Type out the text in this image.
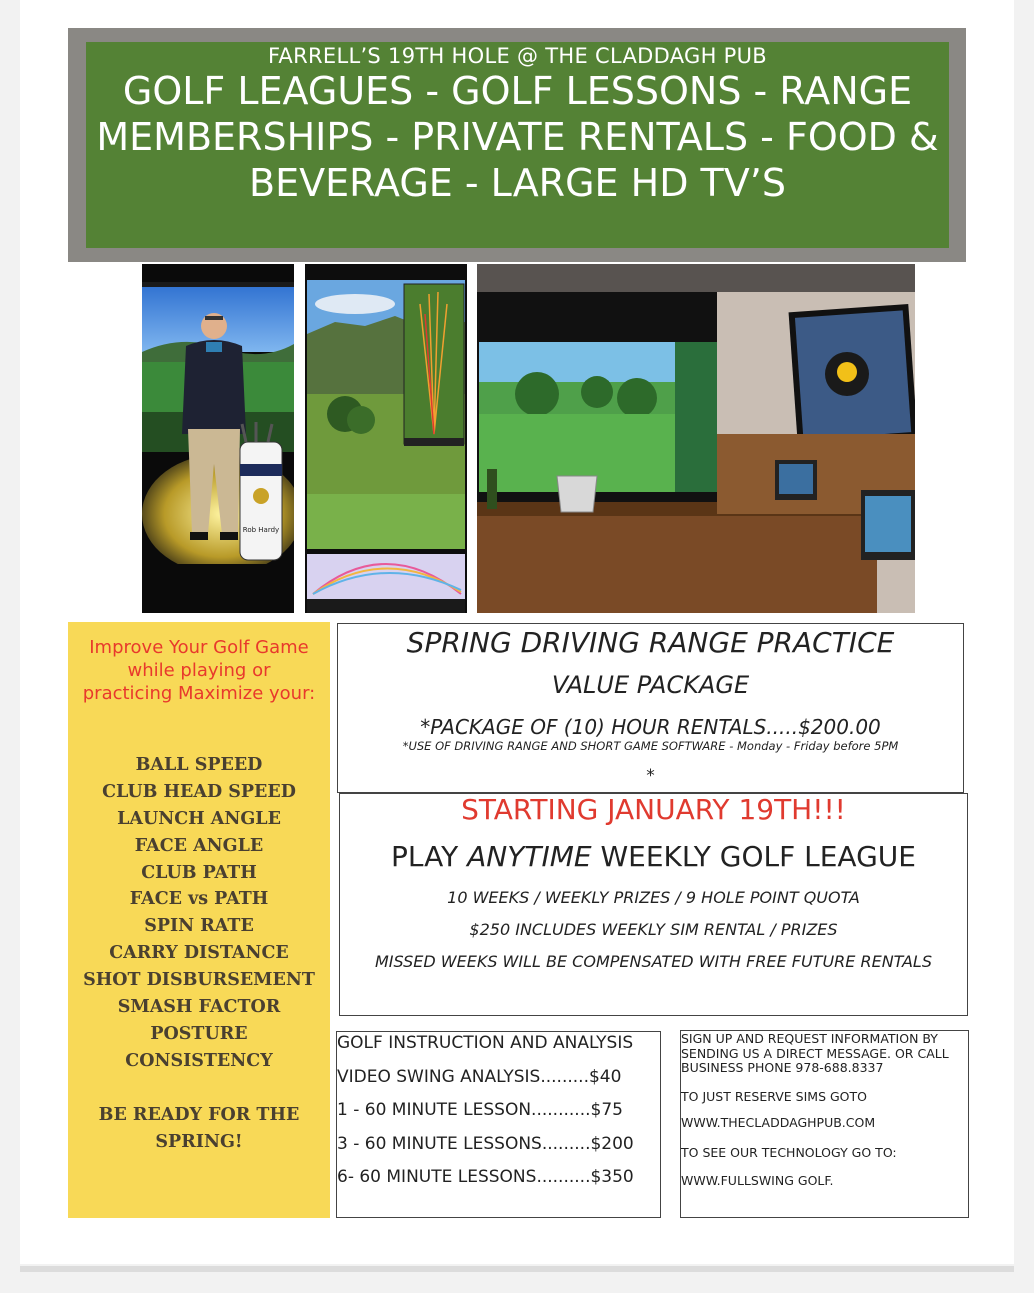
FARRELL’S 19TH HOLE @ THE CLADDAGH PUB
GOLF LEAGUES - GOLF LESSONS - RANGE MEMBERSHIPS - PRIVATE RENTALS - FOOD & BEVERAGE - LARGE HD TV’S
Rob Hardy
Improve Your Golf Game while playing or practicing Maximize your:
BALL SPEED
CLUB HEAD SPEED
LAUNCH ANGLE
FACE ANGLE
CLUB PATH
FACE vs PATH
SPIN RATE
CARRY DISTANCE
SHOT DISBURSEMENT
SMASH FACTOR
POSTURE
CONSISTENCY
BE READY FOR THE SPRING!
SPRING DRIVING RANGE PRACTICE
VALUE PACKAGE
*PACKAGE OF (10) HOUR RENTALS.....$200.00
*USE OF DRIVING RANGE AND SHORT GAME SOFTWARE - Monday - Friday before 5PM
*
STARTING JANUARY 19TH!!!
PLAY ANYTIME WEEKLY GOLF LEAGUE
10 WEEKS / WEEKLY PRIZES / 9 HOLE POINT QUOTA
$250 INCLUDES WEEKLY SIM RENTAL / PRIZES
MISSED WEEKS WILL BE COMPENSATED WITH FREE FUTURE RENTALS
GOLF INSTRUCTION AND ANALYSIS
VIDEO SWING ANALYSIS.........$40
1 - 60 MINUTE LESSON...........$75
3 - 60 MINUTE LESSONS.........$200
6- 60 MINUTE LESSONS..........$350
SIGN UP AND REQUEST INFORMATION BY SENDING US A DIRECT MESSAGE. OR CALL BUSINESS PHONE 978-688.8337
TO JUST RESERVE SIMS GOTO
WWW.THECLADDAGHPUB.COM
TO SEE OUR TECHNOLOGY GO TO:
WWW.FULLSWING GOLF.
